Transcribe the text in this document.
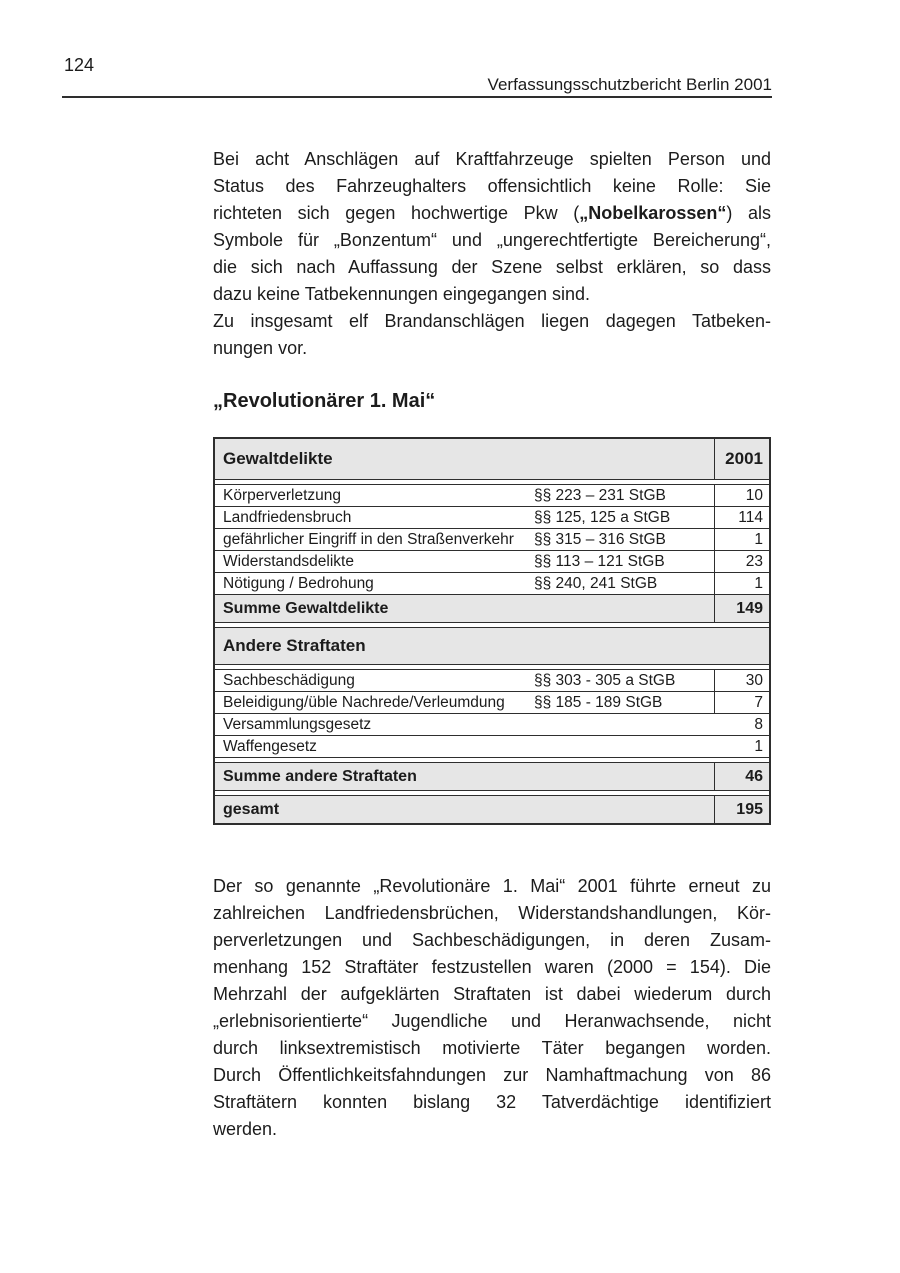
124
Verfassungsschutzbericht Berlin 2001
Bei acht Anschlägen auf Kraftfahrzeuge spielten Person und
Status des Fahrzeughalters offensichtlich keine Rolle: Sie
richteten sich gegen hochwertige Pkw („Nobelkarossen“) als
Symbole für „Bonzentum“ und „ungerechtfertigte Bereicherung“,
die sich nach Auffassung der Szene selbst erklären, so dass
dazu keine Tatbekennungen eingegangen sind.
Zu insgesamt elf Brandanschlägen liegen dagegen Tatbeken-
nungen vor.
„Revolutionärer 1. Mai“
Gewaltdelikte	2001
Körperverletzung	§§ 223 – 231 StGB	10
Landfriedensbruch	§§ 125, 125 a StGB	114
gefährlicher Eingriff in den Straßenverkehr	§§ 315 – 316 StGB	1
Widerstandsdelikte	§§ 113 – 121 StGB	23
Nötigung / Bedrohung	§§ 240, 241 StGB	1
Summe Gewaltdelikte	149
Andere Straftaten
Sachbeschädigung	§§ 303 - 305 a StGB	30
Beleidigung/üble Nachrede/Verleumdung	§§ 185 - 189 StGB	7
Versammlungsgesetz	8
Waffengesetz	1
Summe andere Straftaten	46
gesamt	195
Der so genannte „Revolutionäre 1. Mai“ 2001 führte erneut zu
zahlreichen Landfriedensbrüchen, Widerstandshandlungen, Kör-
perverletzungen und Sachbeschädigungen, in deren Zusam-
menhang 152 Straftäter festzustellen waren (2000 = 154). Die
Mehrzahl der aufgeklärten Straftaten ist dabei wiederum durch
„erlebnisorientierte“ Jugendliche und Heranwachsende, nicht
durch linksextremistisch motivierte Täter begangen worden.
Durch Öffentlichkeitsfahndungen zur Namhaftmachung von 86
Straftätern konnten bislang 32 Tatverdächtige identifiziert
werden.
